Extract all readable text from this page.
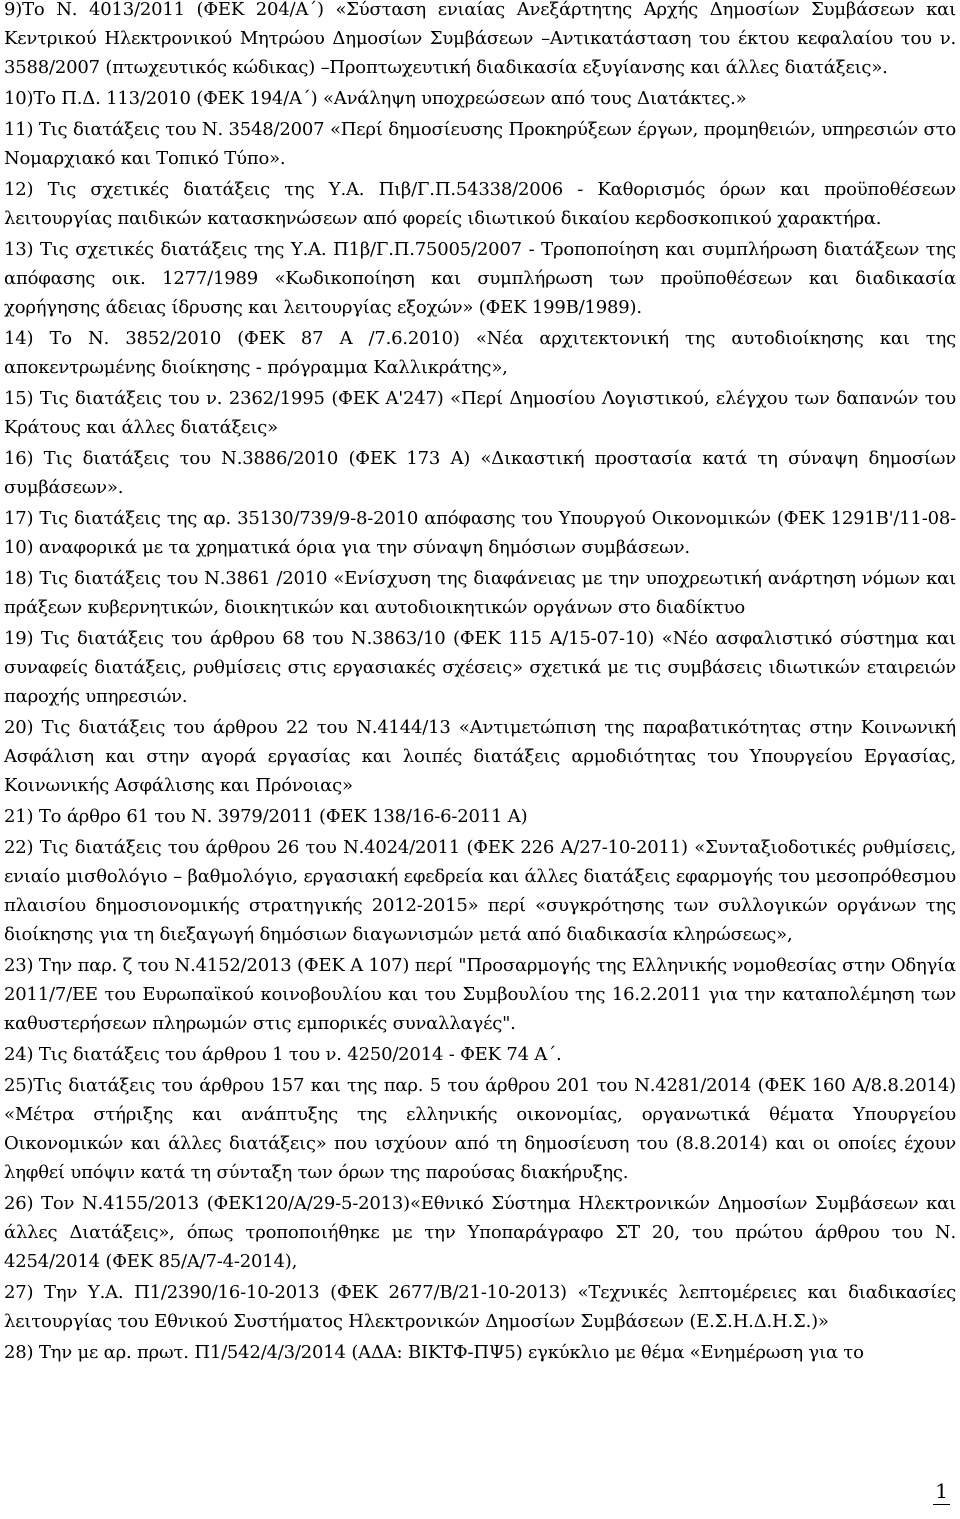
9)Το Ν. 4013/2011 (ΦΕΚ 204/Α΄) «Σύσταση ενιαίας Ανεξάρτητης Αρχής Δημοσίων Συμβάσεων και Κεντρικού Ηλεκτρονικού Μητρώου Δημοσίων Συμβάσεων –Αντικατάσταση του έκτου κεφαλαίου του ν. 3588/2007 (πτωχευτικός κώδικας) –Προπτωχευτική διαδικασία εξυγίανσης και άλλες διατάξεις».

10)Το Π.Δ. 113/2010 (ΦΕΚ 194/Α΄) «Ανάληψη υποχρεώσεων από τους Διατάκτες.»

11) Τις διατάξεις του Ν. 3548/2007 «Περί δημοσίευσης Προκηρύξεων έργων, προμηθειών, υπηρεσιών στο Νομαρχιακό και Τοπικό Τύπο».

12) Τις σχετικές διατάξεις της Υ.Α. Πιβ/Γ.Π.54338/2006 - Καθορισμός όρων και προϋποθέσεων λειτουργίας παιδικών κατασκηνώσεων από φορείς ιδιωτικού δικαίου κερδοσκοπικού χαρακτήρα.

13) Τις σχετικές διατάξεις της Υ.Α. Π1β/Γ.Π.75005/2007 - Τροποποίηση και συμπλήρωση διατάξεων της απόφασης οικ. 1277/1989 «Κωδικοποίηση και συμπλήρωση των προϋποθέσεων και διαδικασία χορήγησης άδειας ίδρυσης και λειτουργίας εξοχών» (ΦΕΚ 199Β/1989).

14) Το Ν. 3852/2010 (ΦΕΚ 87 Α /7.6.2010) «Νέα αρχιτεκτονική της αυτοδιοίκησης και της αποκεντρωμένης διοίκησης - πρόγραμμα Καλλικράτης»,

15) Τις διατάξεις του ν. 2362/1995 (ΦΕΚ Α'247) «Περί Δημοσίου Λογιστικού, ελέγχου των δαπανών του Κράτους και άλλες διατάξεις»

16) Τις διατάξεις του Ν.3886/2010 (ΦΕΚ 173 Α) «Δικαστική προστασία κατά τη σύναψη δημοσίων συμβάσεων».

17) Τις διατάξεις της αρ. 35130/739/9-8-2010 απόφασης του Υπουργού Οικονομικών (ΦΕΚ 1291Β'/11-08- 10) αναφορικά με τα χρηματικά όρια για την σύναψη δημόσιων συμβάσεων.

18) Τις διατάξεις του Ν.3861 /2010 «Ενίσχυση της διαφάνειας με την υποχρεωτική ανάρτηση νόμων και πράξεων κυβερνητικών, διοικητικών και αυτοδιοικητικών οργάνων στο διαδίκτυο

19) Τις διατάξεις του άρθρου 68 του Ν.3863/10 (ΦΕΚ 115 Α/15-07-10) «Νέο ασφαλιστικό σύστημα και συναφείς διατάξεις, ρυθμίσεις στις εργασιακές σχέσεις» σχετικά με τις συμβάσεις ιδιωτικών εταιρειών παροχής υπηρεσιών.

20) Τις διατάξεις του άρθρου 22 του Ν.4144/13 «Αντιμετώπιση της παραβατικότητας στην Κοινωνική Ασφάλιση και στην αγορά εργασίας και λοιπές διατάξεις αρμοδιότητας του Υπουργείου Εργασίας, Κοινωνικής Ασφάλισης και Πρόνοιας»

21) Το άρθρο 61 του Ν. 3979/2011 (ΦΕΚ 138/16-6-2011 Α)

22) Τις διατάξεις του άρθρου 26 του Ν.4024/2011 (ΦΕΚ 226 Α/27-10-2011) «Συνταξιοδοτικές ρυθμίσεις, ενιαίο μισθολόγιο – βαθμολόγιο, εργασιακή εφεδρεία και άλλες διατάξεις εφαρμογής του μεσοπρόθεσμου πλαισίου δημοσιονομικής στρατηγικής 2012-2015» περί «συγκρότησης των συλλογικών οργάνων της διοίκησης για τη διεξαγωγή δημόσιων διαγωνισμών μετά από διαδικασία κληρώσεως»,

23) Την παρ. ζ του Ν.4152/2013 (ΦΕΚ Α 107) περί "Προσαρμογής της Ελληνικής νομοθεσίας στην Οδηγία 2011/7/ΕΕ του Ευρωπαϊκού κοινοβουλίου και του Συμβουλίου της 16.2.2011 για την καταπολέμηση των καθυστερήσεων πληρωμών στις εμπορικές συναλλαγές".

24) Τις διατάξεις του άρθρου 1 του ν. 4250/2014 - ΦΕΚ 74 Α΄.

25)Τις διατάξεις του άρθρου 157 και της παρ. 5 του άρθρου 201 του Ν.4281/2014 (ΦΕΚ 160 Α/8.8.2014) «Μέτρα στήριξης και ανάπτυξης της ελληνικής οικονομίας, οργανωτικά θέματα Υπουργείου Οικονομικών και άλλες διατάξεις» που ισχύουν από τη δημοσίευση του (8.8.2014) και οι οποίες έχουν ληφθεί υπόψιν κατά τη σύνταξη των όρων της παρούσας διακήρυξης.

26) Τον Ν.4155/2013 (ΦΕΚ120/Α/29-5-2013)«Εθνικό Σύστημα Ηλεκτρονικών Δημοσίων Συμβάσεων και άλλες Διατάξεις», όπως τροποποιήθηκε με την Υποπαράγραφο ΣΤ 20, του πρώτου άρθρου του Ν. 4254/2014 (ΦΕΚ 85/Α/7-4-2014),

27) Την Υ.Α. Π1/2390/16-10-2013 (ΦΕΚ 2677/Β/21-10-2013) «Τεχνικές λεπτομέρειες και διαδικασίες λειτουργίας του Εθνικού Συστήματος Ηλεκτρονικών Δημοσίων Συμβάσεων (Ε.Σ.Η.Δ.Η.Σ.)»

28) Την με αρ. πρωτ. Π1/542/4/3/2014 (ΑΔΑ: ΒΙΚΤΦ-ΠΨ5) εγκύκλιο με θέμα «Ενημέρωση για το

1
